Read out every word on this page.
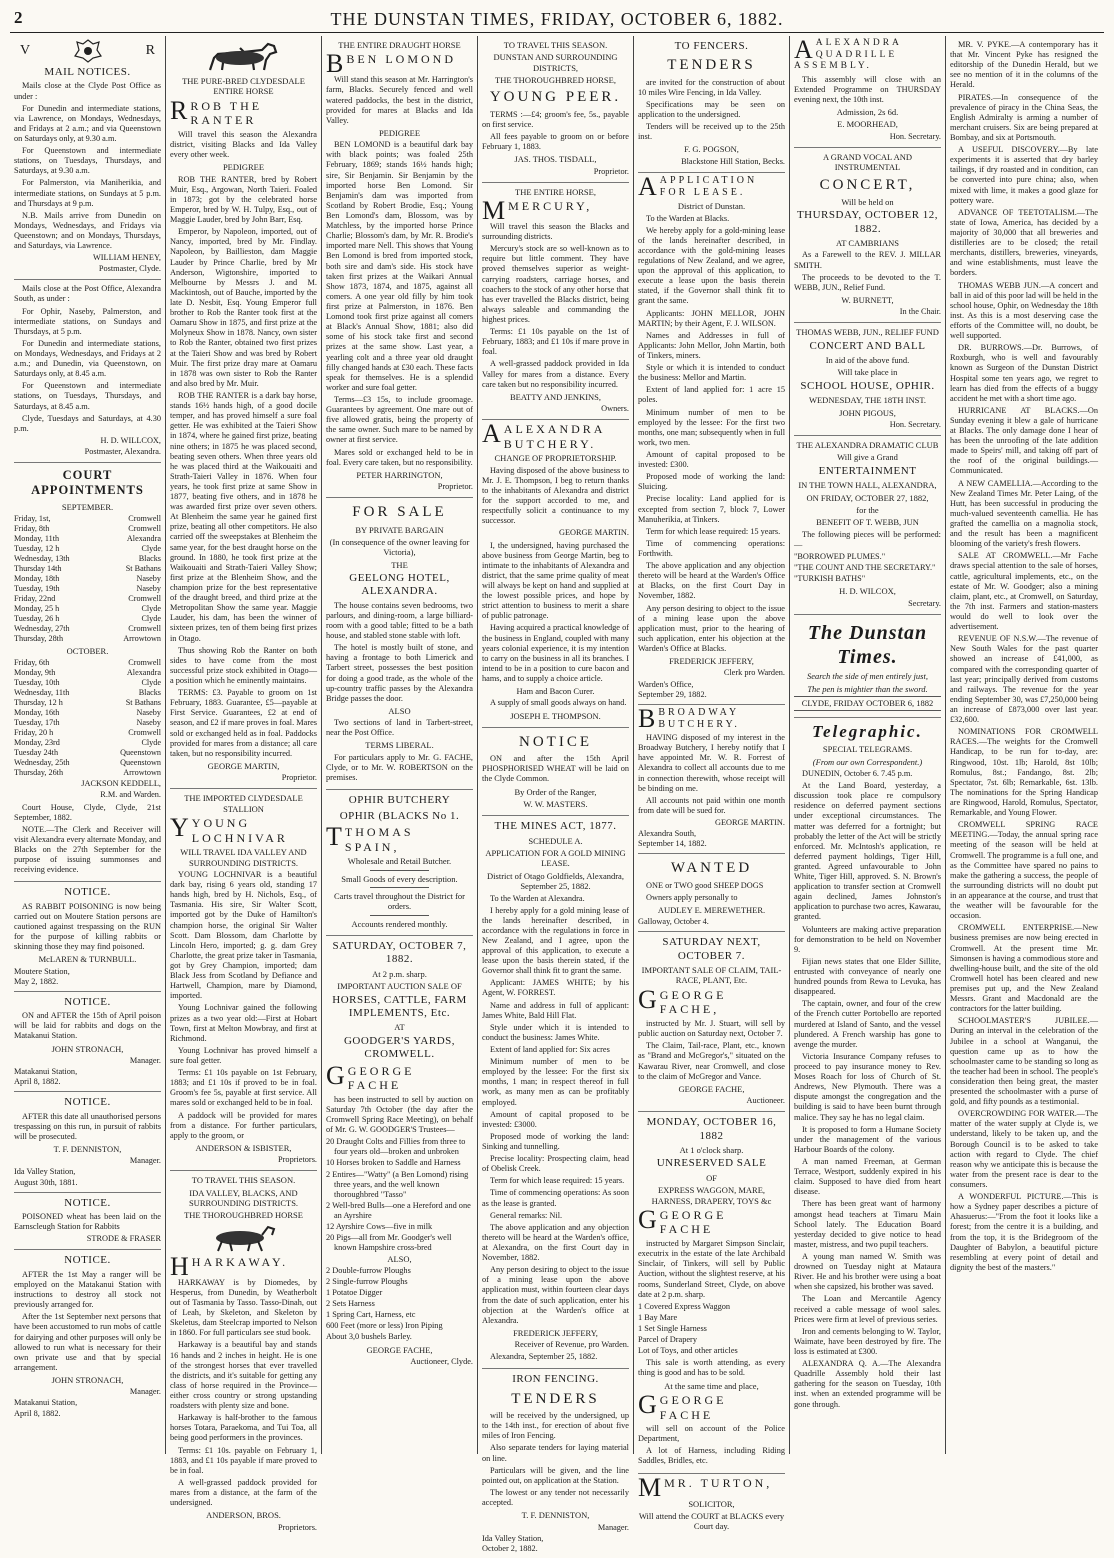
2	THE DUNSTAN TIMES, FRIDAY, OCTOBER 6, 1882.
V	R
MAIL NOTICES.
Mails close at the Clyde Post Office as under :
For Dunedin and intermediate stations, via Lawrence, on Mondays, Wednesdays, and Fridays at 2 a.m.; and via Queenstown on Saturdays only, at 9.30 a.m.
For Queenstown and intermediate stations, on Tuesdays, Thursdays, and Saturdays, at 9.30 a.m.
For Palmerston, via Maniherikia, and intermediate stations, on Sundays at 5 p.m. and Thursdays at 9 p.m.
N.B. Mails arrive from Dunedin on Mondays, Wednesdays, and Fridays via Queenstown; and on Mondays, Thursdays, and Saturdays, via Lawrence.
WILLIAM HENEY,
Postmaster, Clyde.
Mails close at the Post Office, Alexandra South, as under :
For Ophir, Naseby, Palmerston, and intermediate stations, on Sundays and Thursdays, at 5 p.m.
For Dunedin and intermediate stations, on Mondays, Wednesdays, and Fridays at 2 a.m.; and Dunedin, via Queenstown, on Saturdays only, at 8.45 a.m.
For Queenstown and intermediate stations, on Tuesdays, Thursdays, and Saturdays, at 8.45 a.m.
Clyde, Tuesdays and Saturdays, at 4.30 p.m.
H. D. WILLCOX,
Postmaster, Alexandra.
COURT APPOINTMENTS
SEPTEMBER.
Friday, 1st,	Cromwell
Friday, 8th	Cromwell
Monday, 11th	Alexandra
Tuesday, 12 h	Clyde
Wednesday, 13th	Blacks
Thursday 14th	St Bathans
Monday, 18th	Naseby
Tuesday, 19th	Naseby
Friday, 22nd	Cromwell
Monday, 25 h	Clyde
Tuesday, 26 h	Clyde
Wednesday, 27th	Cromwell
Thursday, 28th	Arrowtown
OCTOBER.
Friday, 6th	Cromwell
Monday, 9th	Alexandra
Tuesday, 10th	Clyde
Wednesday, 11th	Blacks
Thursday, 12 h	St Bathans
Monday, 16th	Naseby
Tuesday, 17th	Naseby
Friday, 20 h	Cromwell
Monday, 23rd	Clyde
Tuesday 24th	Queenstown
Wednesday, 25th	Queenstown
Thursday, 26th	Arrowtown
JACKSON KEDDELL,
R.M. and Warden.
Court House, Clyde, Clyde, 21st September, 1882.
NOTE.—The Clerk and Receiver will visit Alexandra every alternate Monday, and Blacks on the 27th September for the purpose of issuing summonses and receiving evidence.
NOTICE.
AS RABBIT POISONING is now being carried out on Moutere Station persons are cautioned against trespassing on the RUN for the purpose of killing rabbits or skinning those they may find poisoned.
McLAREN & TURNBULL.
Moutere Station,
May 2, 1882.
NOTICE.
ON and AFTER the 15th of April poison will be laid for rabbits and dogs on the Matakanui Station.
JOHN STRONACH,
Manager.
Matakanui Station,
April 8, 1882.
NOTICE.
AFTER this date all unauthorised persons trespassing on this run, in pursuit of rabbits will be prosecuted.
T. F. DENNISTON,
Manager.
Ida Valley Station,
August 30th, 1881.
NOTICE.
POISONED wheat has been laid on the Earnscleugh Station for Rabbits
STRODE & FRASER
NOTICE.
AFTER the 1st May a ranger will be employed on the Matakanui Station with instructions to destroy all stock not previously arranged for.
After the 1st September next persons that have been accustomed to run mobs of cattle for dairying and other purposes will only be allowed to run what is necessary for their own private use and that by special arrangement.
JOHN STRONACH,
Manager.
Matakanui Station,
April 8, 1882.
THE PURE-BRED CLYDESDALE ENTIRE HORSE
RROB THE RANTER
Will travel this season the Alexandra district, visiting Blacks and Ida Valley every other week.
PEDIGREE
ROB THE RANTER, bred by Robert Muir, Esq., Argowan, North Taieri. Foaled in 1873; got by the celebrated horse Emperor, bred by W. H. Tulpy, Esq., out of Maggie Lauder, bred by John Barr, Esq.
Emperor, by Napoleon, imported, out of Nancy, imported, bred by Mr. Findlay. Napoleon, by Baillieston, dam Maggie Lauder by Prince Charlie, bred by Mr Anderson, Wigtonshire, imported to Melbourne by Messrs J. and M. Mackintosh, out of Bauche, imported by the late D. Nesbit, Esq. Young Emperor full brother to Rob the Ranter took first at the Oamaru Show in 1875, and first prize at the Molyneux Show in 1878. Nancy, own sister to Rob the Ranter, obtained two first prizes at the Taieri Show and was bred by Robert Muir. The first prize dray mare at Oamaru in 1878 was own sister to Rob the Ranter and also bred by Mr. Muir.
ROB THE RANTER is a dark bay horse, stands 16½ hands high, of a good docile temper, and has proved himself a sure foal getter. He was exhibited at the Taieri Show in 1874, where he gained first prize, beating nine others; in 1875 he was placed second, beating seven others. When three years old he was placed third at the Waikouaiti and Strath-Taieri Valley in 1876. When four years, he took first prize at same Show in 1877, beating five others, and in 1878 he was awarded first prize over seven others. At Blenheim the same year he gained first prize, beating all other competitors. He also carried off the sweepstakes at Blenheim the same year, for the best draught horse on the ground. In 1880, he took first prize at the Waikouaiti and Strath-Taieri Valley Show; first prize at the Blenheim Show, and the champion prize for the best representative of the draught breed, and third prize at the Metropolitan Show the same year. Maggie Lauder, his dam, has been the winner of sixteen prizes, ten of them being first prizes in Otago.
Thus showing Rob the Ranter on both sides to have come from the most successful prize stock exhibited in Otago—a position which he eminently maintains.
TERMS: £3. Payable to groom on 1st February, 1883. Guarantee, £5—payable at First Service. Guarantees, £2 at end of season, and £2 if mare proves in foal. Mares sold or exchanged held as in foal. Paddocks provided for mares from a distance; all care taken, but no responsibility incurred.
GEORGE MARTIN,
Proprietor.
THE IMPORTED CLYDESDALE STALLION
YYOUNG LOCHNIVAR
WILL TRAVEL IDA VALLEY AND SURROUNDING DISTRICTS.
YOUNG LOCHNIVAR is a beautiful dark bay, rising 6 years old, standing 17 hands high, bred by H. Nichols, Esq., of Tasmania. His sire, Sir Walter Scott, imported got by the Duke of Hamilton's champion horse, the original Sir Walter Scott. Dam Blossom, dam Charlotte by Lincoln Hero, imported; g. g. dam Grey Charlotte, the great prize taker in Tasmania, got by Grey Champion, imported; dam Black Jess from Scotland by Defiance and Hartwell, Champion, mare by Diamond, imported.
Young Lochnivar gained the following prizes as a two year old:—First at Hobart Town, first at Melton Mowbray, and first at Richmond.
Young Lochnivar has proved himself a sure foal getter.
Terms: £1 10s payable on 1st February, 1883; and £1 10s if proved to be in foal. Groom's fee 5s, payable at first service. All mares sold or exchanged held to be in foal.
A paddock will be provided for mares from a distance. For further particulars, apply to the groom, or
ANDERSON & ISBISTER,
Proprietors.
TO TRAVEL THIS SEASON.
IDA VALLEY, BLACKS, AND SURROUNDING DISTRICTS.
THE THOROUGHBRED HORSE
HHARKAWAY.
HARKAWAY is by Diomedes, by Hesperus, from Dunedin, by Weatherbolt out of Tasmania by Tasso. Tasso-Dinah, out of Leah, by Skeleton, and Skeleton by Skeletus, dam Steelcrap imported to Nelson in 1860. For full particulars see stud book.
Harkaway is a beautiful bay and stands 16 hands and 2 inches in height. He is one of the strongest horses that ever travelled the districts, and it's suitable for getting any class of horse required in the Province—either cross country or strong upstanding roadsters with plenty size and bone.
Harkaway is half-brother to the famous horses Totara, Paraekoma, and Tui Toa, all being good performers in the provinces.
Terms: £1 10s. payable on February 1, 1883, and £1 10s payable if mare proved to be in foal.
A well-grassed paddock provided for mares from a distance, at the farm of the undersigned.
ANDERSON, BROS.
Proprietors.
THE ENTIRE DRAUGHT HORSE
BBEN LOMOND
Will stand this season at Mr. Harrington's farm, Blacks. Securely fenced and well watered paddocks, the best in the district, provided for mares at Blacks and Ida Valley.
PEDIGREE
BEN LOMOND is a beautiful dark bay with black points; was foaled 25th February, 1869; stands 16½ hands high; sire, Sir Benjamin. Sir Benjamin by the imported horse Ben Lomond. Sir Benjamin's dam was imported from Scotland by Robert Brodie, Esq.; Young Ben Lomond's dam, Blossom, was by Matchless, by the imported horse Prince Charlie; Blossom's dam, by Mr. R. Brodie's imported mare Nell. This shows that Young Ben Lomond is bred from imported stock, both sire and dam's side. His stock have taken first prizes at the Waikari Annual Show 1873, 1874, and 1875, against all comers. A one year old filly by him took first prize at Palmerston, in 1876. Ben Lomond took first prize against all comers at Black's Annual Show, 1881; also did some of his stock take first and second prizes at the same show. Last year, a yearling colt and a three year old draught filly changed hands at £30 each. These facts speak for themselves. He is a splendid worker and sure foal getter.
Terms—£3 15s, to include groomage. Guarantees by agreement. One mare out of five allowed gratis, being the property of the same owner. Such mare to be named by owner at first service.
Mares sold or exchanged held to be in foal. Every care taken, but no responsibility.
PETER HARRINGTON,
Proprietor.
FOR SALE
BY PRIVATE BARGAIN
(In consequence of the owner leaving for Victoria),
THE
GEELONG HOTEL, ALEXANDRA.
The house contains seven bedrooms, two parlours, and dining-room, a large billiard-room with a good table; fitted to be a bath house, and stabled stone stable with loft.
The hotel is mostly built of stone, and having a frontage to both Limerick and Tarbert street, possesses the best position for doing a good trade, as the whole of the up-country traffic passes by the Alexandra Bridge passes the door.
ALSO
Two sections of land in Tarbert-street, near the Post Office.
TERMS LIBERAL.
For particulars apply to Mr. G. FACHE, Clyde, or to Mr. W. ROBERTSON on the premises.
OPHIR BUTCHERY
OPHIR (BLACKS No 1.
TTHOMAS SPAIN,
Wholesale and Retail Butcher.
Small Goods of every description.
Carts travel throughout the District for orders.
Accounts rendered monthly.
SATURDAY, OCTOBER 7, 1882.
At 2 p.m. sharp.
IMPORTANT AUCTION SALE OF
HORSES, CATTLE, FARM IMPLEMENTS, Etc.
AT
GOODGER'S YARDS, CROMWELL.
GGEORGE FACHE
has been instructed to sell by auction on Saturday 7th October (the day after the Cromwell Spring Race Meeting), on behalf of Mr. G. W. GOODGER'S Trustees—
20 Draught Colts and Fillies from three to four years old—broken and unbroken
10 Horses broken to Saddle and Harness
2 Entires—"Watty" (a Ben Lomond) rising three years, and the well known thoroughbred "Tasso"
2 Well-bred Bulls—one a Hereford and one an Ayrshire
12 Ayrshire Cows—five in milk
20 Pigs—all from Mr. Goodger's well known Hampshire cross-bred
ALSO,
2 Double-furrow Ploughs
2 Single-furrow Ploughs
1 Potatoe Digger
2 Sets Harness
1 Spring Cart, Harness, etc
600 Feet (more or less) Iron Piping
About 3,0 bushels Barley.
GEORGE FACHE,
Auctioneer, Clyde.
TO TRAVEL THIS SEASON.
DUNSTAN AND SURROUNDING DISTRICTS,
THE THOROUGHBRED HORSE,
YOUNG PEER.
TERMS :—£4; groom's fee, 5s., payable on first service.
All fees payable to groom on or before February 1, 1883.
JAS. THOS. TISDALL,
Proprietor.
THE ENTIRE HORSE,
MMERCURY,
Will travel this season the Blacks and surrounding districts.
Mercury's stock are so well-known as to require but little comment. They have proved themselves superior as weight-carrying roadsters, carriage horses, and coachers to the stock of any other horse that has ever travelled the Blacks district, being always saleable and commanding the highest prices.
Terms: £1 10s payable on the 1st of February, 1883; and £1 10s if mare prove in foal.
A well-grassed paddock provided in Ida Valley for mares from a distance. Every care taken but no responsibility incurred.
BEATTY AND JENKINS,
Owners.
AALEXANDRA BUTCHERY.
CHANGE OF PROPRIETORSHIP.
Having disposed of the above business to Mr. J. E. Thompson, I beg to return thanks to the inhabitants of Alexandra and district for the support accorded to me, and respectfully solicit a continuance to my successor.
GEORGE MARTIN.
I, the undersigned, having purchased the above business from George Martin, beg to intimate to the inhabitants of Alexandra and district, that the same prime quality of meat will always be kept on hand and supplied at the lowest possible prices, and hope by strict attention to business to merit a share of public patronage.
Having acquired a practical knowledge of the business in England, coupled with many years colonial experience, it is my intention to carry on the business in all its branches. I intend to be in a position to cure bacon and hams, and to supply a choice article.
Ham and Bacon Curer.
A supply of small goods always on hand.
JOSEPH E. THOMPSON.
NOTICE
ON and after the 15th April PHOSPHORISED WHEAT will be laid on the Clyde Common.
By Order of the Ranger,
W. W. MASTERS.
THE MINES ACT, 1877.
SCHEDULE A.
APPLICATION FOR A GOLD MINING LEASE.
District of Otago Goldfields, Alexandra, September 25, 1882.
To the Warden at Alexandra.
I hereby apply for a gold mining lease of the lands hereinafter described, in accordance with the regulations in force in New Zealand, and I agree, upon the approval of this application, to execute a lease upon the basis therein stated, if the Governor shall think fit to grant the same.
Applicant: JAMES WHITE; by his Agent, W. FORREST.
Name and address in full of applicant: James White, Bald Hill Flat.
Style under which it is intended to conduct the business: James White.
Extent of land applied for: Six acres
Minimum number of men to be employed by the lessee: For the first six months, 1 man; in respect thereof in full work, as many men as can be profitably employed.
Amount of capital proposed to be invested: £3000.
Proposed mode of working the land: Sinking and tunnelling.
Precise locality: Prospecting claim, head of Obelisk Creek.
Term for which lease required: 15 years.
Time of commencing operations: As soon as the lease is granted.
General remarks: Nil.
The above application and any objection thereto will be heard at the Warden's office, at Alexandra, on the first Court day in November, 1882.
Any person desiring to object to the issue of a mining lease upon the above application must, within fourteen clear days from the date of such application, enter his objection at the Warden's office at Alexandra.
FREDERICK JEFFERY,
Receiver of Revenue, pro Warden.
Alexandra, September 25, 1882.
IRON FENCING.
TENDERS
will be received by the undersigned, up to the 14th inst., for erection of about five miles of Iron Fencing.
Also separate tenders for laying material on line.
Particulars will be given, and the line pointed out, on application at the Station.
The lowest or any tender not necessarily accepted.
T. F. DENNISTON,
Manager.
Ida Valley Station,
October 2, 1882.
TO FENCERS.
TENDERS
are invited for the construction of about 10 miles Wire Fencing, in Ida Valley.
Specifications may be seen on application to the undersigned.
Tenders will be received up to the 25th inst.
F. G. POGSON,
Blackstone Hill Station, Becks.
AAPPLICATION FOR LEASE.
District of Dunstan.
To the Warden at Blacks.
We hereby apply for a gold-mining lease of the lands hereinafter described, in accordance with the gold-mining leases regulations of New Zealand, and we agree, upon the approval of this application, to execute a lease upon the basis therein stated, if the Governor shall think fit to grant the same.
Applicants: JOHN MELLOR, JOHN MARTIN; by their Agent, F. J. WILSON.
Names and Addresses in full of Applicants: John Mellor, John Martin, both of Tinkers, miners.
Style or which it is intended to conduct the business: Mellor and Martin.
Extent of land applied for: 1 acre 15 poles.
Minimum number of men to be employed by the lessee: For the first two months, one man; subsequently when in full work, two men.
Amount of capital proposed to be invested: £300.
Proposed mode of working the land: Sluicing.
Precise locality: Land applied for is excepted from section 7, block 7, Lower Manuherikia, at Tinkers.
Term for which lease required: 15 years.
Time of commencing operations: Forthwith.
The above application and any objection thereto will be heard at the Warden's Office at Blacks, on the first Court Day in November, 1882.
Any person desiring to object to the issue of a mining lease upon the above application must, prior to the hearing of such application, enter his objection at the Warden's Office at Blacks.
FREDERICK JEFFERY,
Clerk pro Warden.
Warden's Office,
September 29, 1882.
BBROADWAY BUTCHERY.
HAVING disposed of my interest in the Broadway Butchery, I hereby notify that I have appointed Mr. W. R. Forrest of Alexandra to collect all accounts due to me in connection therewith, whose receipt will be binding on me.
All accounts not paid within one month from date will be sued for.
GEORGE MARTIN.
Alexandra South,
September 14, 1882.
WANTED
ONE or TWO good SHEEP DOGS
Owners apply personally to
AUDLEY E. MEREWETHER.
Galloway, October 4.
SATURDAY NEXT, OCTOBER 7.
IMPORTANT SALE OF CLAIM, TAIL-RACE, PLANT, Etc.
GGEORGE FACHE,
instructed by Mr. J. Stuart, will sell by public auction on Saturday next, October 7.
The Claim, Tail-race, Plant, etc., known as "Brand and McGregor's," situated on the Kawarau River, near Cromwell, and close to the claim of McGregor and Vance.
GEORGE FACHE,
Auctioneer.
MONDAY, OCTOBER 16, 1882
At 1 o'clock sharp.
UNRESERVED SALE
OF
EXPRESS WAGGON, MARE, HARNESS, DRAPERY, TOYS &c
GGEORGE FACHE
instructed by Margaret Simpson Sinclair, executrix in the estate of the late Archibald Sinclair, of Tinkers, will sell by Public Auction, without the slightest reserve, at his rooms, Sunderland Street, Clyde, on above date at 2 p.m. sharp.
1 Covered Express Waggon
1 Bay Mare
1 Set Single Harness
Parcel of Drapery
Lot of Toys, and other articles
This sale is worth attending, as every thing is good and has to be sold.
At the same time and place,
GGEORGE FACHE
will sell on account of the Police Department,
A lot of Harness, including Riding Saddles, Bridles, etc.
MMR. TURTON,
SOLICITOR,
Will attend the COURT at BLACKS every Court day.
AALEXANDRA QUADRILLE ASSEMBLY.
This assembly will close with an Extended Programme on THURSDAY evening next, the 10th inst.
Admission, 2s 6d.
E. MOORHEAD,
Hon. Secretary.
A GRAND VOCAL AND INSTRUMENTAL
CONCERT,
Will be held on
THURSDAY, OCTOBER 12, 1882.
AT CAMBRIANS
As a Farewell to the REV. J. MILLAR SMITH.
The proceeds to be devoted to the T. WEBB, JUN., Relief Fund.
W. BURNETT,
In the Chair.
THOMAS WEBB, JUN., RELIEF FUND
CONCERT AND BALL
In aid of the above fund.
Will take place in
SCHOOL HOUSE, OPHIR.
WEDNESDAY, THE 18TH INST.
JOHN PIGOUS,
Hon. Secretary.
THE ALEXANDRA DRAMATIC CLUB
Will give a Grand
ENTERTAINMENT
IN THE TOWN HALL, ALEXANDRA,
ON FRIDAY, OCTOBER 27, 1882,
for the
BENEFIT OF T. WEBB, JUN
The following pieces will be performed:—
"BORROWED PLUMES."
"THE COUNT AND THE SECRETARY."
"TURKISH BATHS"
H. D. WILCOX,
Secretary.
The Dunstan Times.
Search the side of men entirely just,
The pen is mightier than the sword.
CLYDE, FRIDAY OCTOBER 6, 1882
Telegraphic.
SPECIAL TELEGRAMS.
(From our own Correspondent.)
DUNEDIN, October 6. 7.45 p.m.
At the Land Board, yesterday, a discussion took place re compulsory residence on deferred payment sections under exceptional circumstances. The matter was deferred for a fortnight; but probably the letter of the Act will be strictly enforced. Mr. McIntosh's application, re deferred payment holdings, Tiger Hill, granted. Agreed unfavourable to John White, Tiger Hill, approved. S. N. Brown's application to transfer section at Cromwell again declined, James Johnston's application to purchase two acres, Kawarau, granted.
Volunteers are making active preparation for demonstration to be held on November 9.
Fijian news states that one Elder Sillite, entrusted with conveyance of nearly one hundred pounds from Rewa to Levuka, has disappeared.
The captain, owner, and four of the crew of the French cutter Portobello are reported murdered at Island of Santo, and the vessel plundered. A French warship has gone to avenge the murder.
Victoria Insurance Company refuses to proceed to pay insurance money to Rev. Moses Roach for loss of Church of St. Andrews, New Plymouth. There was a dispute amongst the congregation and the building is said to have been burnt through malice. They say he has no legal claim.
It is proposed to form a Humane Society under the management of the various Harbour Boards of the colony.
A man named Freeman, at German Terrace, Westport, suddenly expired in his claim. Supposed to have died from heart disease.
There has been great want of harmony amongst head teachers at Timaru Main School lately. The Education Board yesterday decided to give notice to head master, mistress, and two pupil teachers.
A young man named W. Smith was drowned on Tuesday night at Mataura River. He and his brother were using a boat when she capsized, his brother was saved.
The Loan and Mercantile Agency received a cable message of wool sales. Prices were firm at level of previous series.
Iron and cements belonging to W. Taylor, Waimate, have been destroyed by fire. The loss is estimated at £300.
ALEXANDRA Q. A.—The Alexandra Quadrille Assembly hold their last gathering for the season on Tuesday, 10th inst. when an extended programme will be gone through.
MR. V. PYKE.—A contemporary has it that Mr. Vincent Pyke has resigned the editorship of the Dunedin Herald, but we see no mention of it in the columns of the Herald.
PIRATES.—In consequence of the prevalence of piracy in the China Seas, the English Admiralty is arming a number of merchant cruisers. Six are being prepared at Bombay, and six at Portsmouth.
A USEFUL DISCOVERY.—By late experiments it is asserted that dry barley tailings, if dry roasted and in condition, can be converted into pure china; also, when mixed with lime, it makes a good glaze for pottery ware.
ADVANCE OF TEETOTALISM.—The state of Iowa, America, has decided by a majority of 30,000 that all breweries and distilleries are to be closed; the retail merchants, distillers, breweries, vineyards, and wine establishments, must leave the borders.
THOMAS WEBB JUN.—A concert and ball in aid of this poor lad will be held in the school house, Ophir, on Wednesday the 18th inst. As this is a most deserving case the efforts of the Committee will, no doubt, be well supported.
DR. BURROWS.—Dr. Burrows, of Roxburgh, who is well and favourably known as Surgeon of the Dunstan District Hospital some ten years ago, we regret to learn has died from the effects of a buggy accident he met with a short time ago.
HURRICANE AT BLACKS.—On Sunday evening it blew a gale of hurricane at Blacks. The only damage done I hear of has been the unroofing of the late addition made to Speirs' mill, and taking off part of the roof of the original buildings.—Communicated.
A NEW CAMELLIA.—According to the New Zealand Times Mr. Peter Laing, of the Hutt, has been successful in producing the much-valued seventeenth camellia. He has grafted the camellia on a magnolia stock, and the result has been a magnificent blooming of the variety's fresh flowers.
SALE AT CROMWELL.—Mr Fache draws special attention to the sale of horses, cattle, agricultural implements, etc., on the estate of Mr. W. Goodger; also a mining claim, plant, etc., at Cromwell, on Saturday, the 7th inst. Farmers and station-masters would do well to look over the advertisement.
REVENUE OF N.S.W.—The revenue of New South Wales for the past quarter showed an increase of £41,000, as compared with the corresponding quarter of last year; principally derived from customs and railways. The revenue for the year ending September 30, was £7,250,000 being an increase of £873,000 over last year. £32,600.
NOMINATIONS FOR CROMWELL RACES.—The weights for the Cromwell Handicap, to be run for to-day, are: Ringwood, 10st. 1lb; Harold, 8st 10lb; Romulus, 8st.; Fandango, 8st. 2lb; Spectator, 7st. 6lb; Remarkable, 6st. 13lb. The nominations for the Spring Handicap are Ringwood, Harold, Romulus, Spectator, Remarkable, and Young Flower.
CROMWELL SPRING RACE MEETING.—Today, the annual spring race meeting of the season will be held at Cromwell. The programme is a full one, and as the Committee have spared no pains to make the gathering a success, the people of the surrounding districts will no doubt put in an appearance at the course, and trust that the weather will be favourable for the occasion.
CROMWELL ENTERPRISE.—New business premises are now being erected in Cromwell. At the present time Mr. Simonsen is having a commodious store and dwelling-house built, and the site of the old Cromwell hotel has been cleared and new premises put up, and the New Zealand Messrs. Grant and Macdonald are the contractors for the latter building.
SCHOOLMASTER'S JUBILEE.—During an interval in the celebration of the Jubilee in a school at Wanganui, the question came up as to how the schoolmaster came to be standing so long as the teacher had been in school. The people's consideration then being great, the master presented the schoolmaster with a purse of gold, and fifty pounds as a testimonial.
OVERCROWDING FOR WATER.—The matter of the water supply at Clyde is, we understand, likely to be taken up, and the Borough Council is to be asked to take action with regard to Clyde. The chief reason why we anticipate this is because the water from the present race is dear to the consumers.
A WONDERFUL PICTURE.—This is how a Sydney paper describes a picture of Ahasuerus:—"From the foot it looks like a forest; from the centre it is a building, and from the top, it is the Bridegroom of the Daughter of Babylon, a beautiful picture resembling at every point of detail and dignity the best of the masters."
